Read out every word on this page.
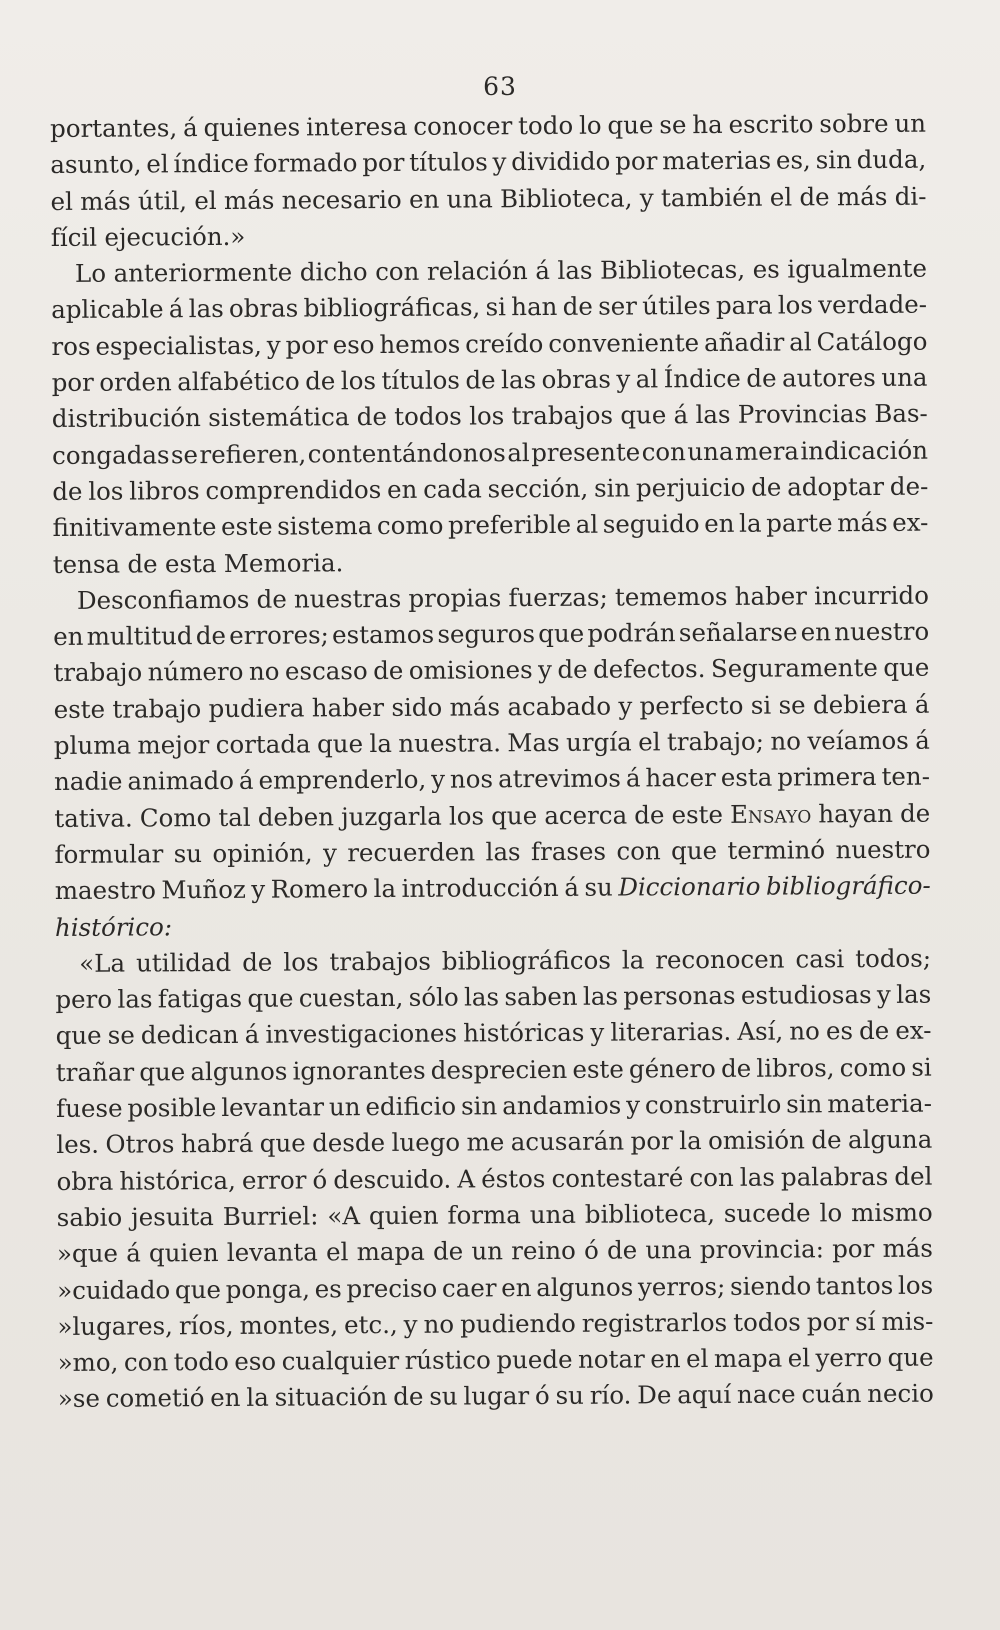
63
portantes, á quienes interesa conocer todo lo que se ha escrito sobre un
asunto, el índice formado por títulos y dividido por materias es, sin duda,
el más útil, el más necesario en una Biblioteca, y también el de más di-
fícil ejecución.»
Lo anteriormente dicho con relación á las Bibliotecas, es igualmente
aplicable á las obras bibliográficas, si han de ser útiles para los verdade-
ros especialistas, y por eso hemos creído conveniente añadir al Catálogo
por orden alfabético de los títulos de las obras y al Índice de autores una
distribución sistemática de todos los trabajos que á las Provincias Bas-
congadas se refieren, contentándonos al presente con una mera indicación
de los libros comprendidos en cada sección, sin perjuicio de adoptar de-
finitivamente este sistema como preferible al seguido en la parte más ex-
tensa de esta Memoria.
Desconfiamos de nuestras propias fuerzas; tememos haber incurrido
en multitud de errores; estamos seguros que podrán señalarse en nuestro
trabajo número no escaso de omisiones y de defectos. Seguramente que
este trabajo pudiera haber sido más acabado y perfecto si se debiera á
pluma mejor cortada que la nuestra. Mas urgía el trabajo; no veíamos á
nadie animado á emprenderlo, y nos atrevimos á hacer esta primera ten-
tativa. Como tal deben juzgarla los que acerca de este Ensayo hayan de
formular su opinión, y recuerden las frases con que terminó nuestro
maestro Muñoz y Romero la introducción á su Diccionario bibliográfico-
histórico:
«La utilidad de los trabajos bibliográficos la reconocen casi todos;
pero las fatigas que cuestan, sólo las saben las personas estudiosas y las
que se dedican á investigaciones históricas y literarias. Así, no es de ex-
trañar que algunos ignorantes desprecien este género de libros, como si
fuese posible levantar un edificio sin andamios y construirlo sin materia-
les. Otros habrá que desde luego me acusarán por la omisión de alguna
obra histórica, error ó descuido. A éstos contestaré con las palabras del
sabio jesuita Burriel: «A quien forma una biblioteca, sucede lo mismo
»que á quien levanta el mapa de un reino ó de una provincia: por más
»cuidado que ponga, es preciso caer en algunos yerros; siendo tantos los
»lugares, ríos, montes, etc., y no pudiendo registrarlos todos por sí mis-
»mo, con todo eso cualquier rústico puede notar en el mapa el yerro que
»se cometió en la situación de su lugar ó su río. De aquí nace cuán necio
